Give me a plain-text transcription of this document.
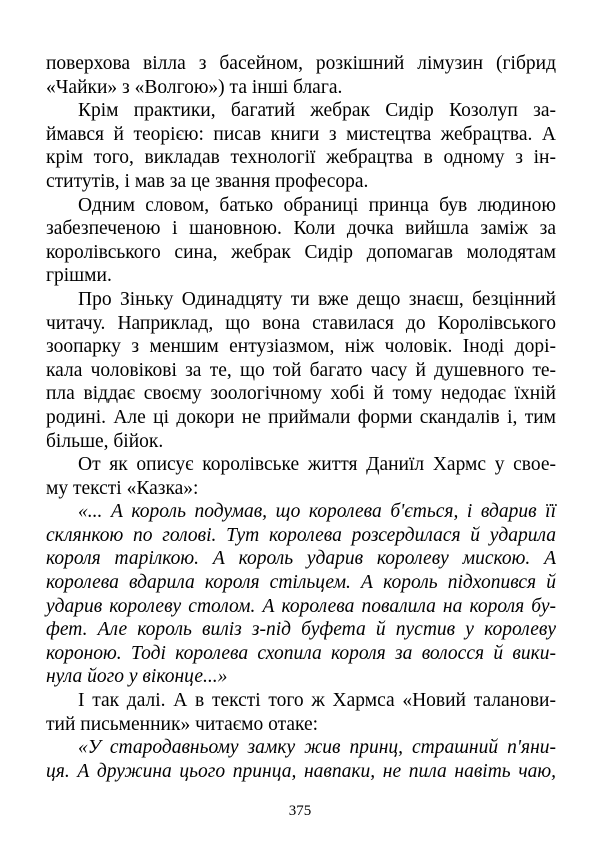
поверхова вілла з басейном, розкішний лімузин (гібрид
«Чайки» з «Волгою») та інші блага.
Крім практики, багатий жебрак Сидір Козолуп за-
ймався й теорією: писав книги з мистецтва жебрацтва. А
крім того, викладав технології жебрацтва в одному з ін-
ститутів, і мав за це звання професора.
Одним словом, батько обраниці принца був людиною
забезпеченою і шановною. Коли дочка вийшла заміж за
королівського сина, жебрак Сидір допомагав молодятам
грішми.
Про Зіньку Одинадцяту ти вже дещо знаєш, безцінний
читачу. Наприклад, що вона ставилася до Королівського
зоопарку з меншим ентузіазмом, ніж чоловік. Іноді дорі-
кала чоловікові за те, що той багато часу й душевного те-
пла віддає своєму зоологічному хобі й тому недодає їхній
родині. Але ці докори не приймали форми скандалів і, тим
більше, бійок.
От як описує королівське життя Даниїл Хармс у свое-
му тексті «Казка»:
«... А король подумав, що королева б'ється, і вдарив її
склянкою по голові. Тут королева розсердилася й ударила
короля тарілкою. А король ударив королеву мискою. А
королева вдарила короля стільцем. А король підхопився й
ударив королеву столом. А королева повалила на короля бу-
фет. Але король виліз з-під буфета й пустив у королеву
короною. Тоді королева схопила короля за волосся й вики-
нула його у віконце...»
І так далі. А в тексті того ж Хармса «Новий таланови-
тий письменник» читаємо отаке:
«У стародавньому замку жив принц, страшний п'яни-
ця. А дружина цього принца, навпаки, не пила навіть чаю,
375
